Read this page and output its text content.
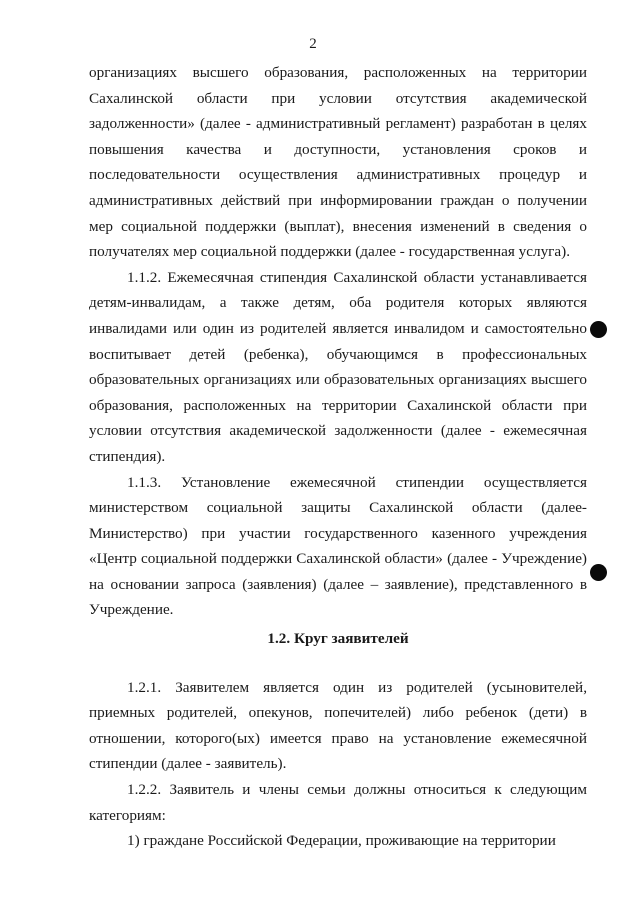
2

организациях высшего образования, расположенных на территории Сахалинской области при условии отсутствия академической задолженности» (далее - административный регламент) разработан в целях повышения качества и доступности, установления сроков и последовательности осуществления административных процедур и административных действий при информировании граждан о получении мер социальной поддержки (выплат), внесения изменений в сведения о получателях мер социальной поддержки (далее - государственная услуга).

1.1.2. Ежемесячная стипендия Сахалинской области устанавливается детям-инвалидам, а также детям, оба родителя которых являются инвалидами или один из родителей является инвалидом и самостоятельно воспитывает детей (ребенка), обучающимся в профессиональных образовательных организациях или образовательных организациях высшего образования, расположенных на территории Сахалинской области при условии отсутствия академической задолженности (далее - ежемесячная стипендия).

1.1.3. Установление ежемесячной стипендии осуществляется министерством социальной защиты Сахалинской области (далее- Министерство) при участии государственного казенного учреждения «Центр социальной поддержки Сахалинской области» (далее - Учреждение) на основании запроса (заявления) (далее – заявление), представленного в Учреждение.

1.2. Круг заявителей

1.2.1. Заявителем является один из родителей (усыновителей, приемных родителей, опекунов, попечителей) либо ребенок (дети) в отношении, которого(ых) имеется право на установление ежемесячной стипендии (далее - заявитель).

1.2.2. Заявитель и члены семьи должны относиться к следующим категориям:

1) граждане Российской Федерации, проживающие на территории
